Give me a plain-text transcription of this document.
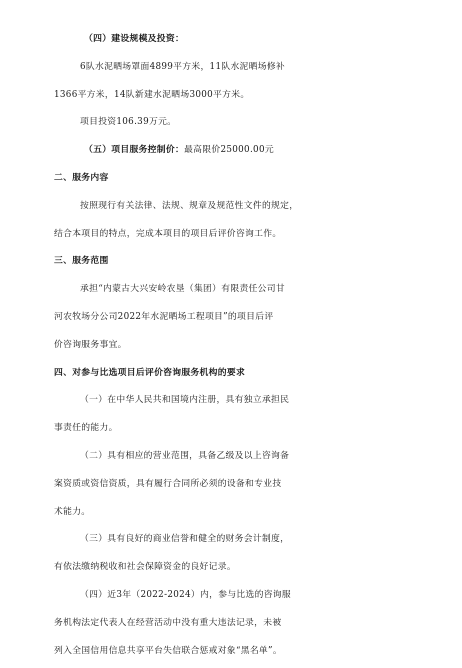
（四）建设规模及投资：
6队水泥晒场罩面4899平方米，11队水泥晒场修补
1366平方米，14队新建水泥晒场3000平方米。
项目投资106.39万元。
（五）项目服务控制价：最高限价25000.00元
二、服务内容
按照现行有关法律、法规、规章及规范性文件的规定，
结合本项目的特点，完成本项目的项目后评价咨询工作。
三、服务范围
承担“内蒙古大兴安岭农垦（集团）有限责任公司甘
河农牧场分公司2022年水泥晒场工程项目”的项目后评
价咨询服务事宜。
四、对参与比选项目后评价咨询服务机构的要求
（一）在中华人民共和国境内注册，具有独立承担民
事责任的能力。
（二）具有相应的营业范围，具备乙级及以上咨询备
案资质或资信资质，具有履行合同所必须的设备和专业技
术能力。
（三）具有良好的商业信誉和健全的财务会计制度，
有依法缴纳税收和社会保障资金的良好记录。
（四）近3年（2022-2024）内，参与比选的咨询服
务机构法定代表人在经营活动中没有重大违法记录，未被
列入全国信用信息共享平台失信联合惩戒对象“黑名单”。
